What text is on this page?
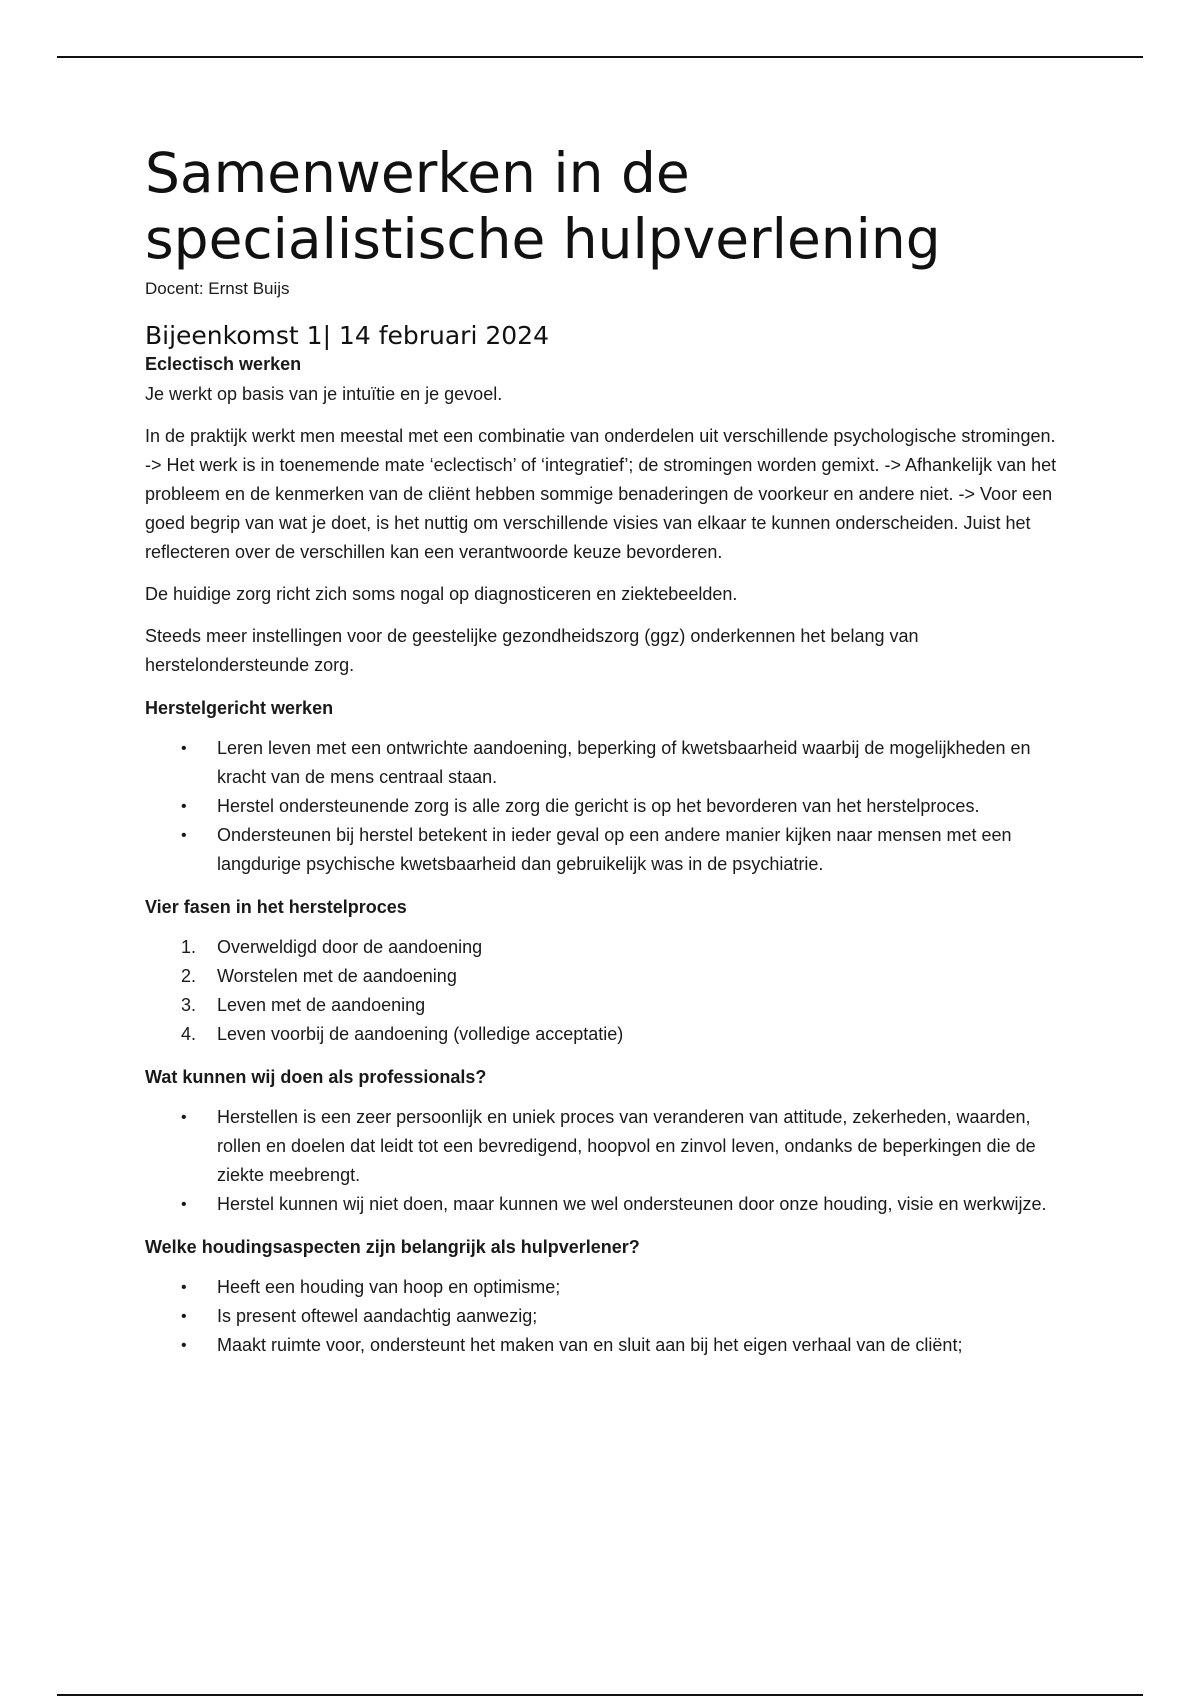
Samenwerken in de
specialistische hulpverlening

Docent: Ernst Buijs

Bijeenkomst 1| 14 februari 2024
Eclectisch werken

Je werkt op basis van je intuïtie en je gevoel.

In de praktijk werkt men meestal met een combinatie van onderdelen uit verschillende psychologische stromingen. -> Het werk is in toenemende mate ‘eclectisch’ of ‘integratief’; de stromingen worden gemixt. -> Afhankelijk van het probleem en de kenmerken van de cliënt hebben sommige benaderingen de voorkeur en andere niet. -> Voor een goed begrip van wat je doet, is het nuttig om verschillende visies van elkaar te kunnen onderscheiden. Juist het reflecteren over de verschillen kan een verantwoorde keuze bevorderen.

De huidige zorg richt zich soms nogal op diagnosticeren en ziektebeelden.

Steeds meer instellingen voor de geestelijke gezondheidszorg (ggz) onderkennen het belang van herstelondersteunde zorg.

Herstelgericht werken
• Leren leven met een ontwrichte aandoening, beperking of kwetsbaarheid waarbij de mogelijkheden en kracht van de mens centraal staan.
• Herstel ondersteunende zorg is alle zorg die gericht is op het bevorderen van het herstelproces.
• Ondersteunen bij herstel betekent in ieder geval op een andere manier kijken naar mensen met een langdurige psychische kwetsbaarheid dan gebruikelijk was in de psychiatrie.
Vier fasen in het herstelproces
1. Overweldigd door de aandoening
2. Worstelen met de aandoening
3. Leven met de aandoening
4. Leven voorbij de aandoening (volledige acceptatie)
Wat kunnen wij doen als professionals?
• Herstellen is een zeer persoonlijk en uniek proces van veranderen van attitude, zekerheden, waarden, rollen en doelen dat leidt tot een bevredigend, hoopvol en zinvol leven, ondanks de beperkingen die de ziekte meebrengt.
• Herstel kunnen wij niet doen, maar kunnen we wel ondersteunen door onze houding, visie en werkwijze.
Welke houdingsaspecten zijn belangrijk als hulpverlener?
• Heeft een houding van hoop en optimisme;
• Is present oftewel aandachtig aanwezig;
• Maakt ruimte voor, ondersteunt het maken van en sluit aan bij het eigen verhaal van de cliënt;
